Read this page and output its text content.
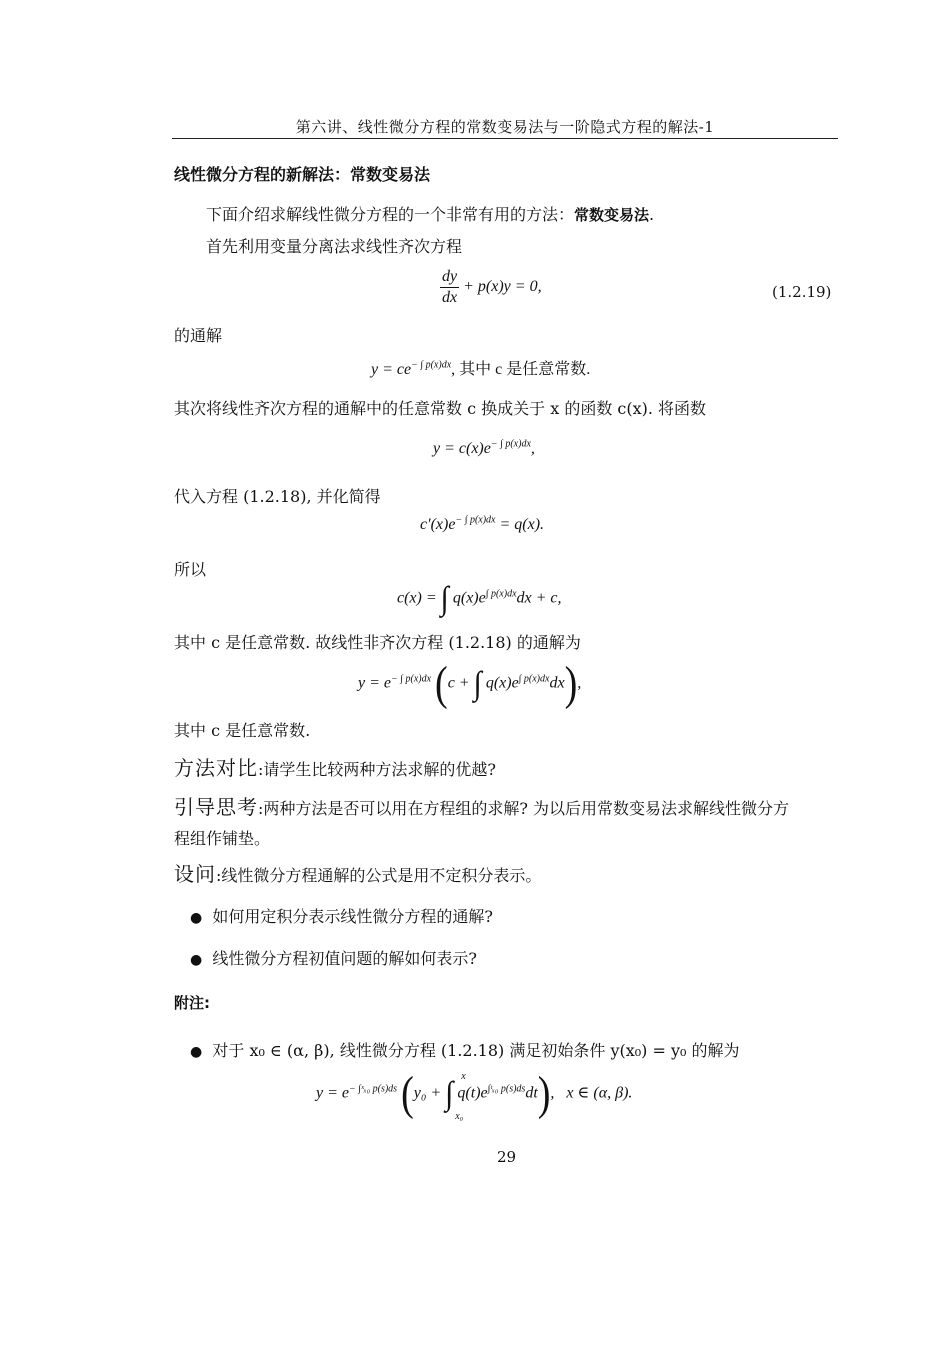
第六讲、线性微分方程的常数变易法与一阶隐式方程的解法-1
线性微分方程的新解法：常数变易法
下面介绍求解线性微分方程的一个非常有用的方法：常数变易法.
首先利用变量分离法求线性齐次方程
$\frac{dy}{dx} + p(x)y = 0$,	(1.2.19)
的通解
$y = ce^{- \int p(x)dx}$, 其中 c 是任意常数.
其次将线性齐次方程的通解中的任意常数 c 换成关于 x 的函数 c(x). 将函数
$y = c(x)e^{- \int p(x)dx}$,
代入方程 (1.2.18), 并化简得
$c'(x)e^{- \int p(x)dx} = q(x)$.
所以
c(x) = ∫ $q(x)e^{\int p(x)dx}dx + c$,
其中 c 是任意常数. 故线性非齐次方程 (1.2.18) 的通解为
$y = e^{- \int p(x)dx}$ (c + ∫ $q(x)e^{\int p(x)dx}dx$),
其中 c 是任意常数.
方法对比:请学生比较两种方法求解的优越?
引导思考:两种方法是否可以用在方程组的求解? 为以后用常数变易法求解线性微分方
程组作铺垫。
设问:线性微分方程通解的公式是用不定积分表示。
● 如何用定积分表示线性微分方程的通解?
● 线性微分方程初值问题的解如何表示?
附注:
● 对于 x₀ ∈ (α, β), 线性微分方程 (1.2.18) 满足初始条件 y(x₀) = y₀ 的解为
$y = e^{- \int ˣ_{x0} p(s)ds}$ (y₀ + ∫ x
x₀
$q(t)e^{\int ᵗ_{x0} p(s)ds}dt$), x ∈ (α, β).
29
